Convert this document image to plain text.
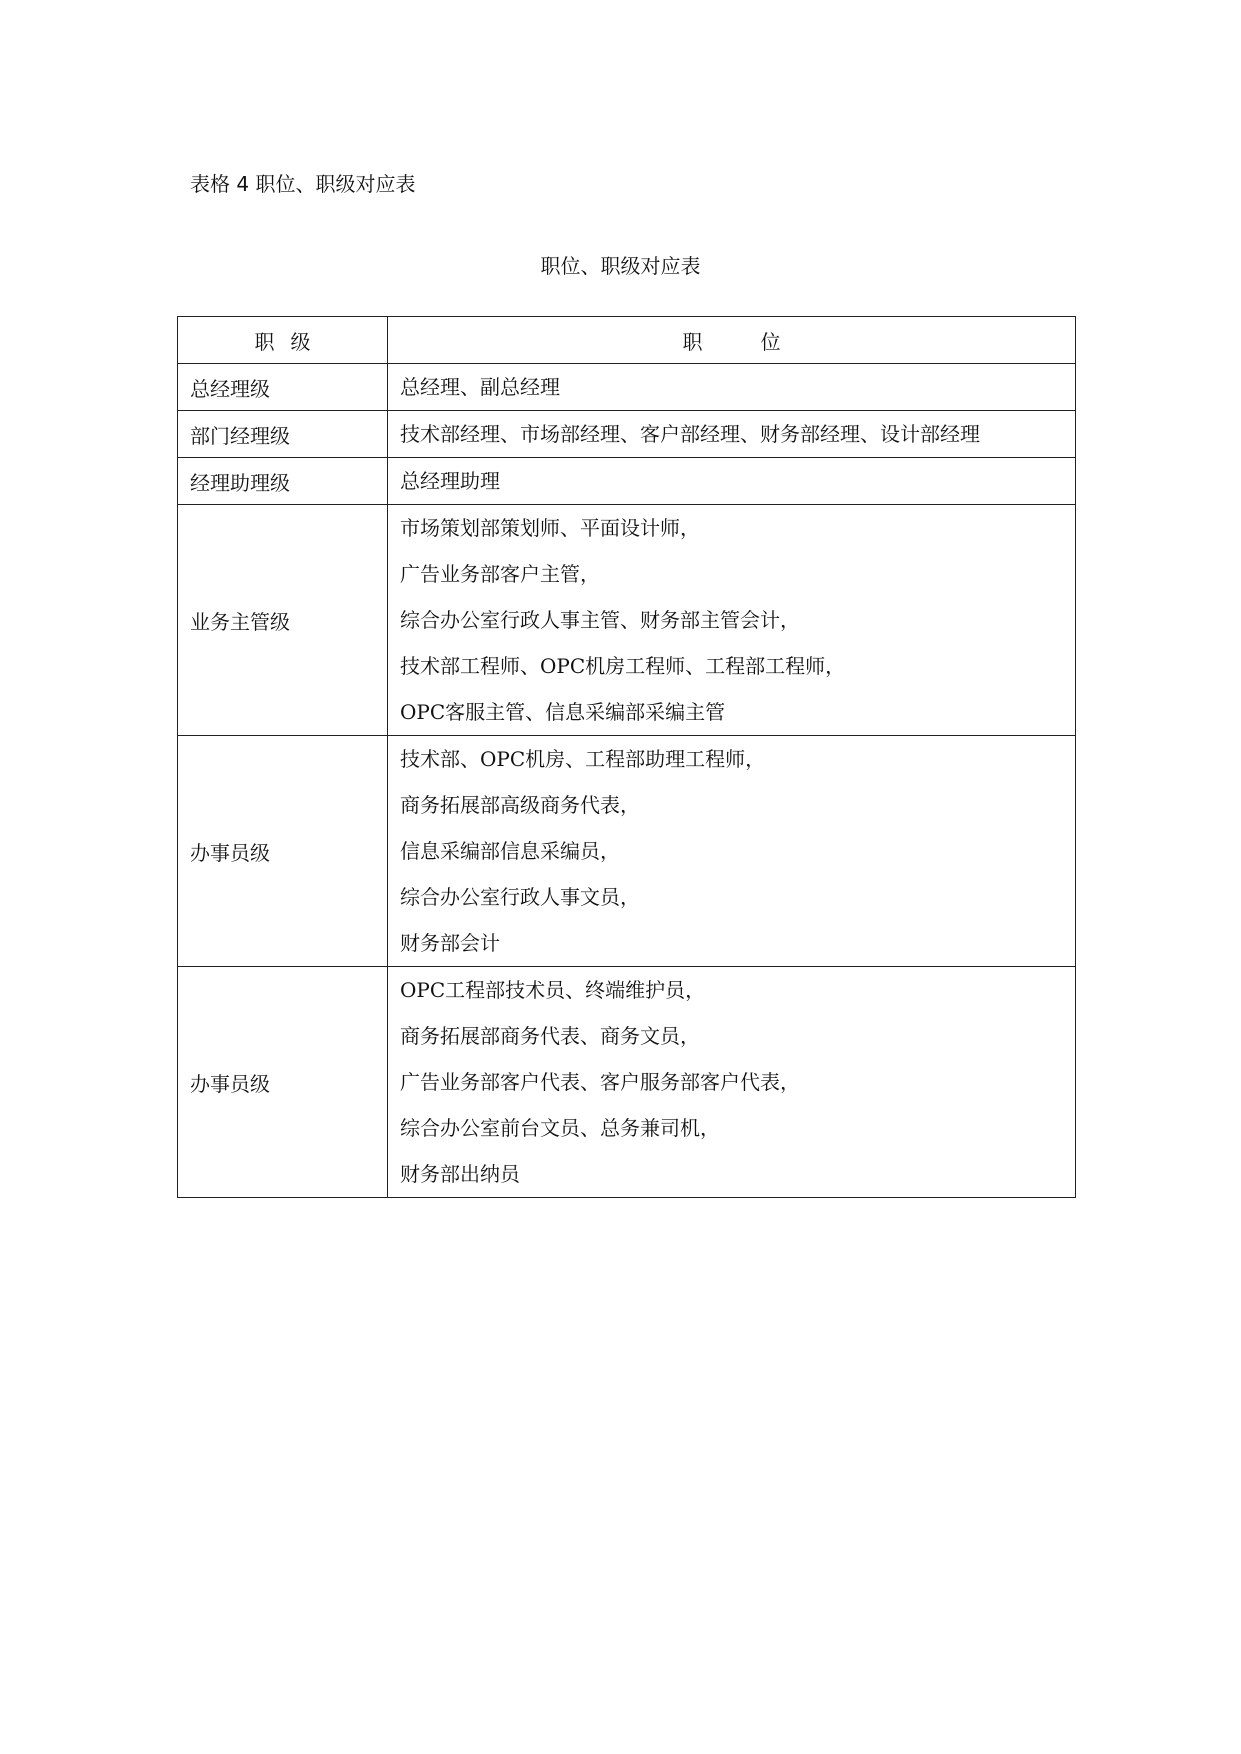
表格 4 职位、职级对应表
职位、职级对应表
职 级	职 位
总经理级	总经理、副总经理

部门经理级	技术部经理、市场部经理、客户部经理、财务部经理、设计部经理

经理助理级	总经理助理

业务主管级	市场策划部策划师、平面设计师，
广告业务部客户主管，
综合办公室行政人事主管、财务部主管会计，
技术部工程师、OPC机房工程师、工程部工程师，
OPC客服主管、信息采编部采编主管

办事员级	技术部、OPC机房、工程部助理工程师，
商务拓展部高级商务代表，
信息采编部信息采编员，
综合办公室行政人事文员，
财务部会计

办事员级	OPC工程部技术员、终端维护员，
商务拓展部商务代表、商务文员，
广告业务部客户代表、客户服务部客户代表，
综合办公室前台文员、总务兼司机，
财务部出纳员
